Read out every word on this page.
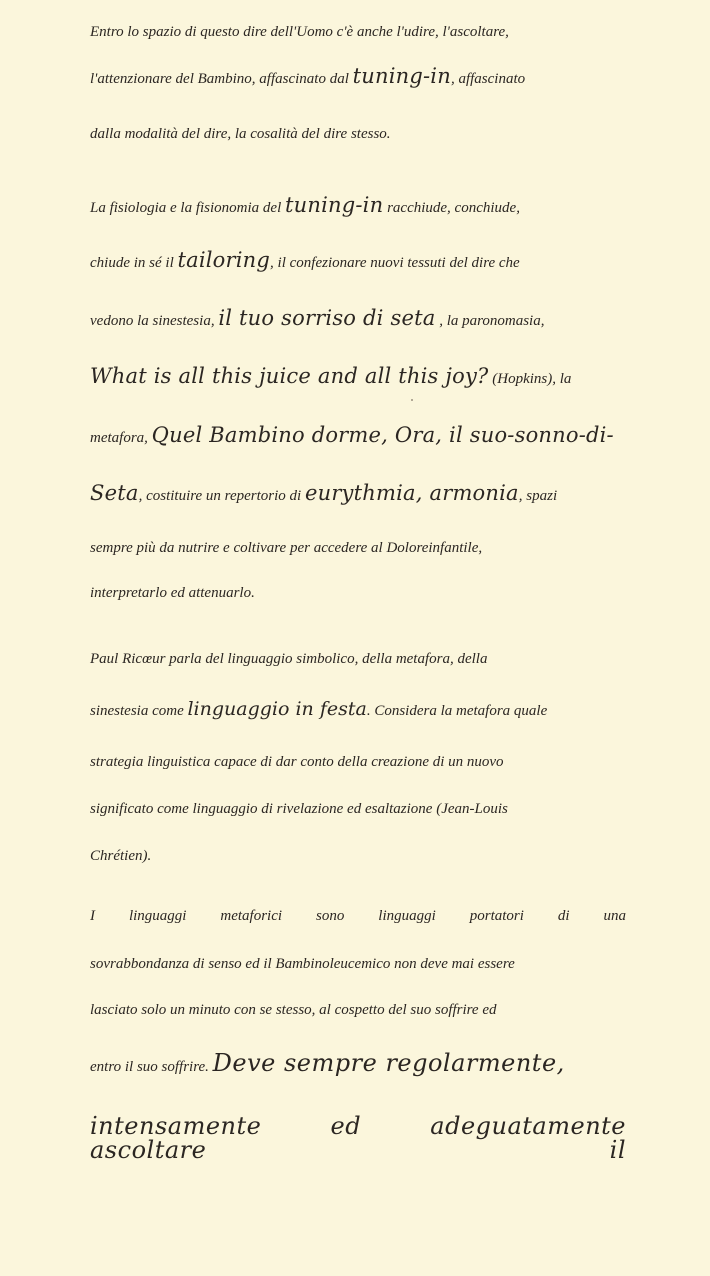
Entro lo spazio di questo dire dell'Uomo c'è anche l'udire, l'ascoltare,
l'attenzionare del Bambino, affascinato dal tuning-in, affascinato
dalla modalità del dire, la cosalità del dire stesso.
La fisiologia e la fisionomia del tuning-in racchiude, conchiude,
chiude in sé il tailoring, il confezionare nuovi tessuti del dire che
vedono la sinestesia, il tuo sorriso di seta , la paronomasia,
What is all this juice and all this joy? (Hopkins), la
metafora, Quel Bambino dorme, Ora, il suo-sonno-di-
Seta, costituire un repertorio di eurythmia, armonia, spazi
sempre più da nutrire e coltivare per accedere al Doloreinfantile,
interpretarlo ed attenuarlo.
Paul Ricœur parla del linguaggio simbolico, della metafora, della
sinestesia come linguaggio in festa. Considera la metafora quale
strategia linguistica capace di dar conto della creazione di un nuovo
significato come linguaggio di rivelazione ed esaltazione (Jean-Louis
Chrétien).
I linguaggi metaforici sono linguaggi portatori di una
sovrabbondanza di senso ed il Bambinoleucemico non deve mai essere
lasciato solo un minuto con se stesso, al cospetto del suo soffrire ed
entro il suo soffrire. Deve sempre regolarmente,
intensamente ed adeguatamente ascoltare il
